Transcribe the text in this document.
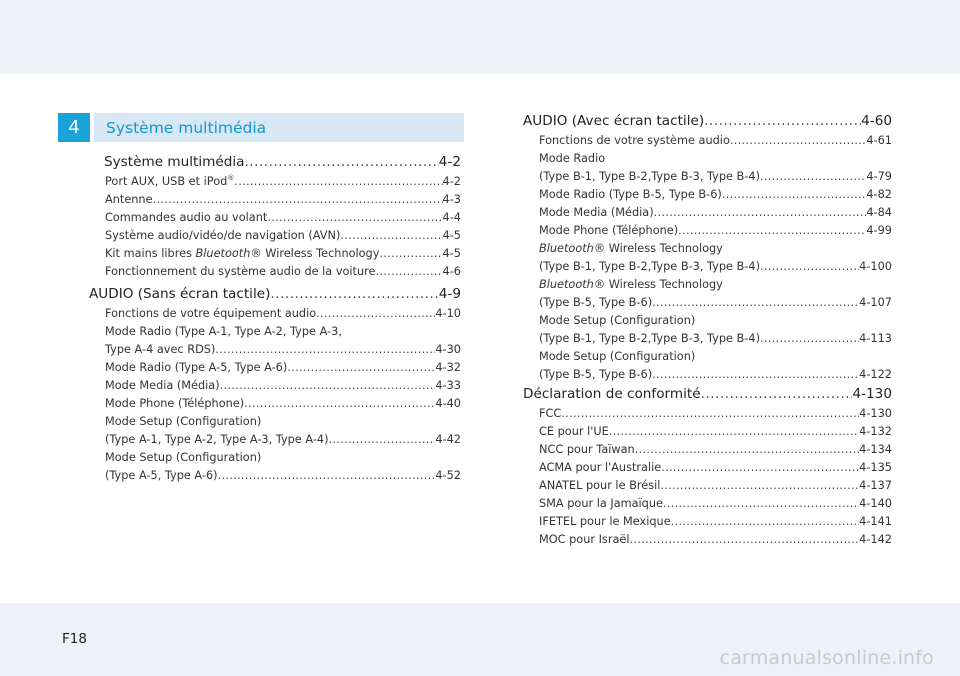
4 Système multimédia
Système multimédia .....	4-2
Port AUX, USB et iPod® .....	4-2
Antenne .....	4-3
Commandes audio au volant .....	4-4
Système audio/vidéo/de navigation (AVN) .....	4-5
Kit mains libres Bluetooth® Wireless Technology .....	4-5
Fonctionnement du système audio de la voiture .....	4-6
AUDIO (Sans écran tactile) .....	4-9
Fonctions de votre équipement audio .....	4-10
Mode Radio (Type A-1, Type A-2, Type A-3,
Type A-4 avec RDS) .....	4-30
Mode Radio (Type A-5, Type A-6) .....	4-32
Mode Media (Média) .....	4-33
Mode Phone (Téléphone) .....	4-40
Mode Setup (Configuration)
(Type A-1, Type A-2, Type A-3, Type A-4) .....	4-42
Mode Setup (Configuration)
(Type A-5, Type A-6) .....	4-52
AUDIO (Avec écran tactile) .....	4-60
Fonctions de votre système audio .....	4-61
Mode Radio
(Type B-1, Type B-2,Type B-3, Type B-4) .....	4-79
Mode Radio (Type B-5, Type B-6) .....	4-82
Mode Media (Média) .....	4-84
Mode Phone (Téléphone) .....	4-99
Bluetooth® Wireless Technology
(Type B-1, Type B-2,Type B-3, Type B-4) .....	4-100
Bluetooth® Wireless Technology
(Type B-5, Type B-6) .....	4-107
Mode Setup (Configuration)
(Type B-1, Type B-2,Type B-3, Type B-4) .....	4-113
Mode Setup (Configuration)
(Type B-5, Type B-6) .....	4-122
Déclaration de conformité .....	4-130
FCC .....	4-130
CE pour l'UE .....	4-132
NCC pour Taïwan .....	4-134
ACMA pour l'Australie .....	4-135
ANATEL pour le Brésil .....	4-137
SMA pour la Jamaïque .....	4-140
IFETEL pour le Mexique .....	4-141
MOC pour Israël .....	4-142
F18
carmanualsonline.info
